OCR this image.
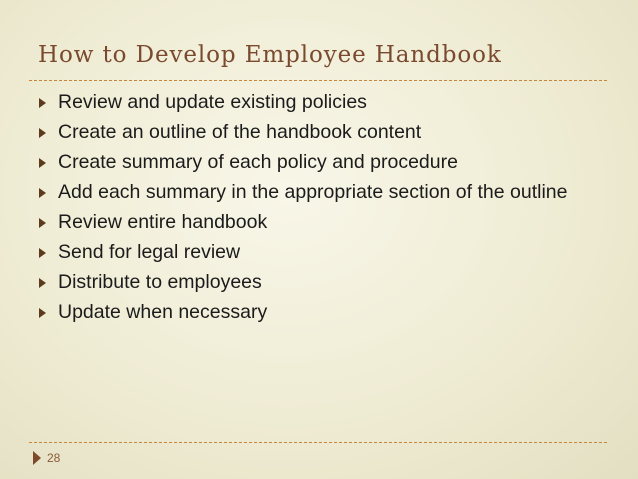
How to Develop Employee Handbook
Review and update existing policies
Create an outline of the handbook content
Create summary of each policy and procedure
Add each summary in the appropriate section of the outline
Review entire handbook
Send for legal review
Distribute to employees
Update when necessary
28
